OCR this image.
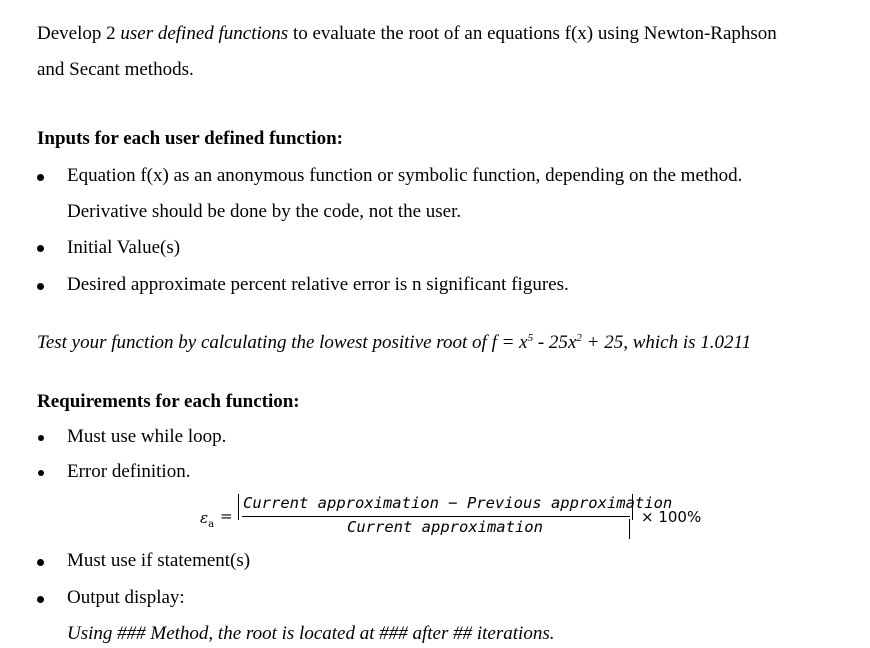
Develop 2 user defined functions to evaluate the root of an equations f(x) using Newton-Raphson
and Secant methods.
Inputs for each user defined function:
Equation f(x) as an anonymous function or symbolic function, depending on the method.
Derivative should be done by the code, not the user.
Initial Value(s)
Desired approximate percent relative error is n significant figures.
Test your function by calculating the lowest positive root of $f = x^5 - 25x^2 + 25$, which is 1.0211
Requirements for each function:
Must use while loop.
Error definition.
$\varepsilon_a$ =
Current approximation − Previous approximation
Current approximation
× 100%
Must use if statement(s)
Output display:
Using ### Method, the root is located at ### after ## iterations.
